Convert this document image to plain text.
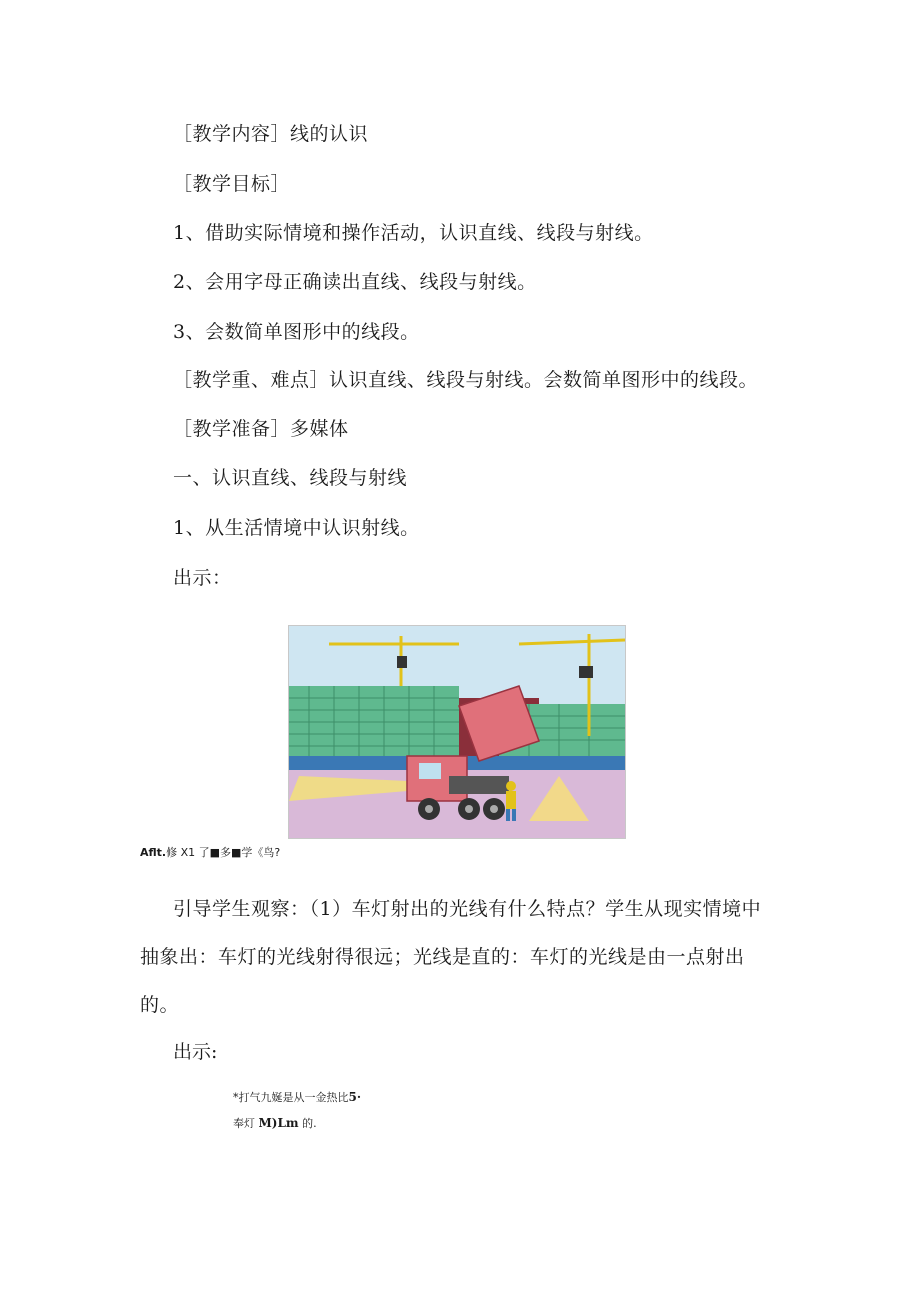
［教学内容］线的认识
［教学目标］
1、借助实际情境和操作活动，认识直线、线段与射线。
2、会用字母正确读出直线、线段与射线。
3、会数简单图形中的线段。
［教学重、难点］认识直线、线段与射线。会数简单图形中的线段。
［教学准备］多媒体
一、认识直线、线段与射线
1、从生活情境中认识射线。
出示：
Aflt.修 X1 了■多■学《鸟?
引导学生观察：（1）车灯射出的光线有什么特点？学生从现实情境中抽象出：车灯的光线射得很远；光线是直的：车灯的光线是由一点射出的。
出示:
*打气九娫是从一金热比5·
奉灯 M)Lm 的.
